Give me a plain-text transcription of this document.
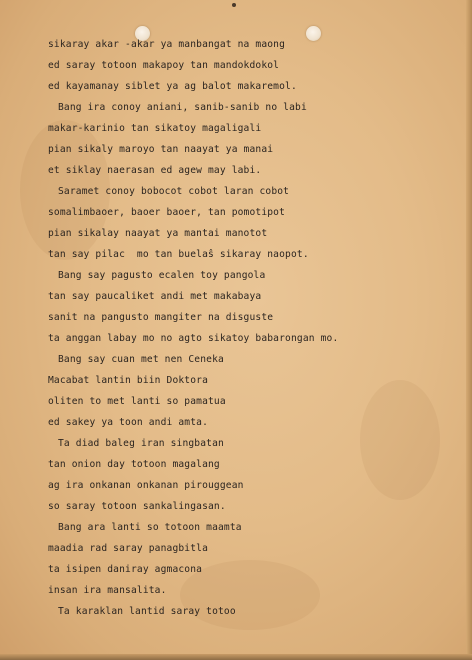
sikaray akar -akar ya manbangat na maong
ed saray totoon makapoy tan mandokdokol
ed kayamanay siblet ya ag balot makaremol.
Bang ira conoy aniani, sanib-sanib no labi
makar-karinio tan sikatoy magaligali
pian sikaly maroyo tan naayat ya manai
et siklay naerasan ed agew may labi.
Saramet conoy bobocot cobot laran cobot
somalimbaoer, baoer baoer, tan pomotipot
pian sikalay naayat ya mantai manotot
tan say pilac  mo tan buelaŝ sikaray naopot.
Bang say pagusto ecalen toy pangola
tan say paucaliket andi met makabaya
sanit na pangusto mangiter na disguste
ta anggan labay mo no agto sikatoy babarongan mo.
Bang say cuan met nen Ceneka
Macabat lantin biin Doktora
oliten to met lanti so pamatua
ed sakey ya toon andi amta.
Ta diad baleg iran singbatan
tan onion day totoon magalang
ag ira onkanan onkanan pirouggean
so saray totoon sankalingasan.
Bang ara lanti so totoon maamta
maadia rad saray panagbitla
ta isipen daniray agmacona
insan ira mansalita.
Ta karaklan lantid saray totoo
